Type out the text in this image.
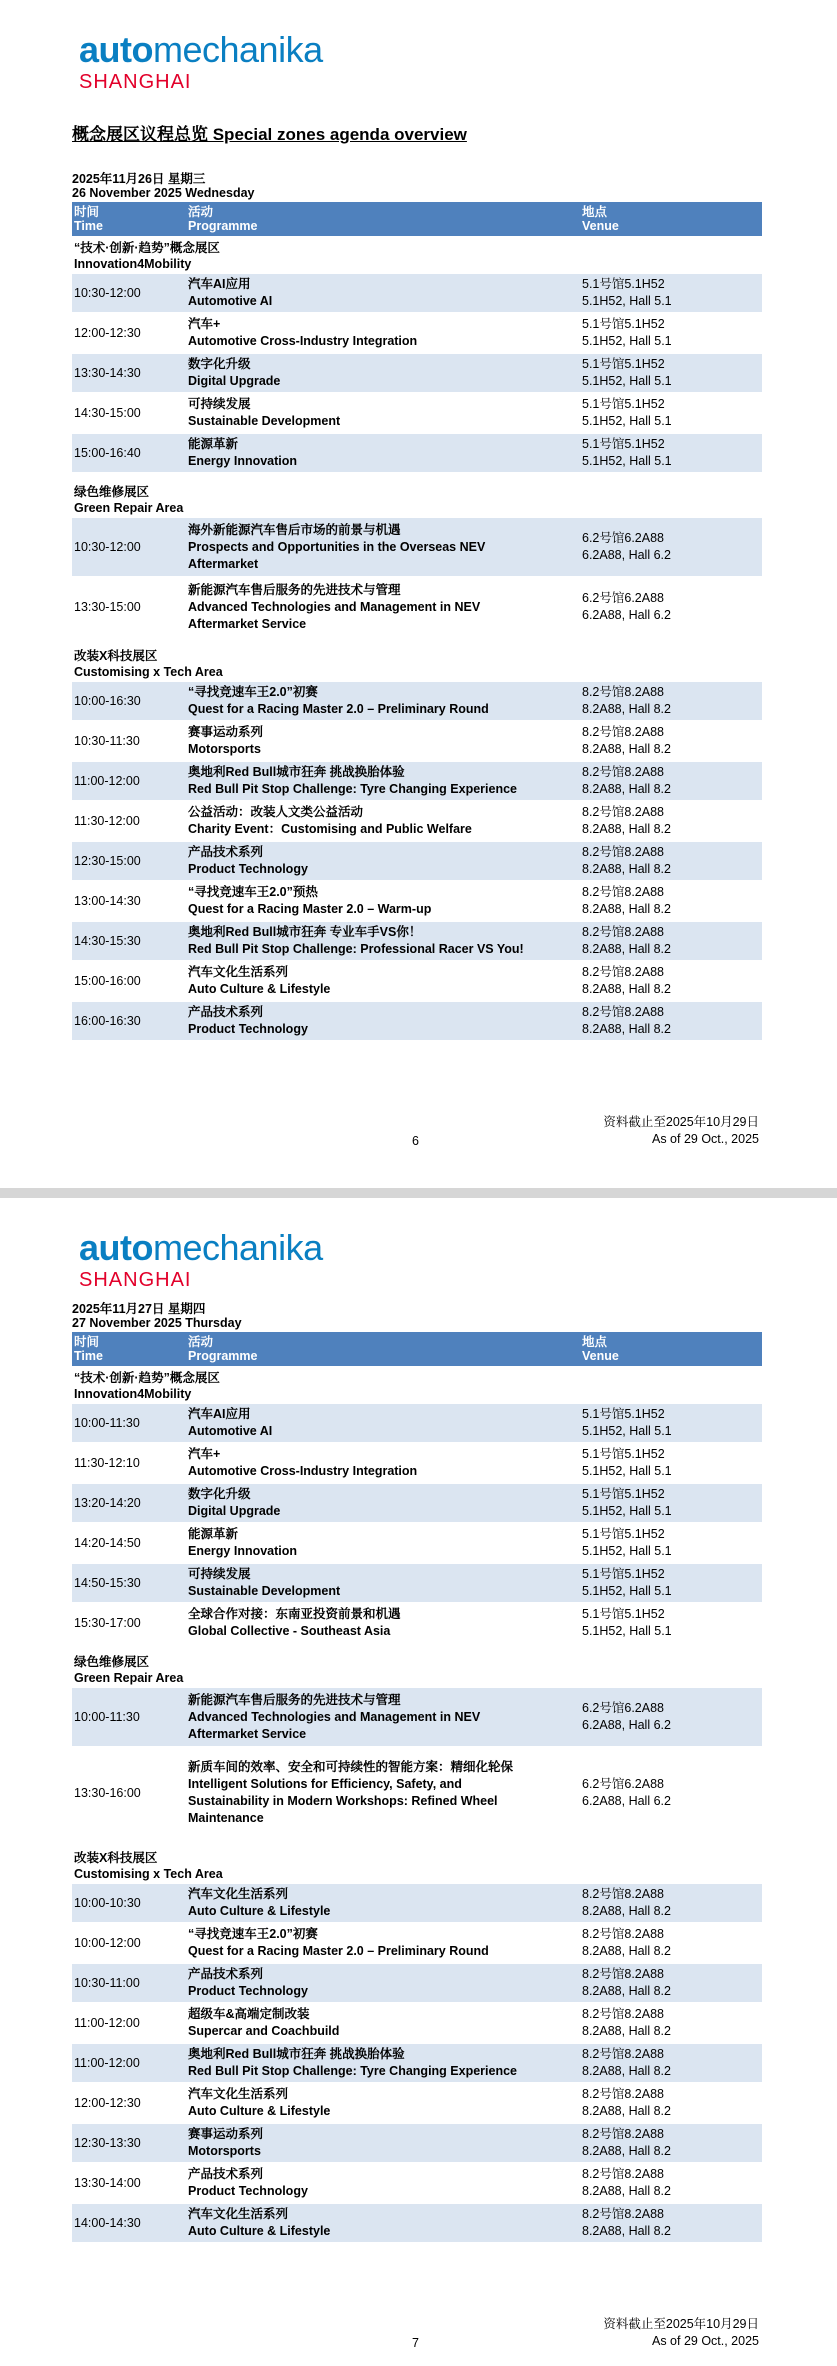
automechanika
SHANGHAI
概念展区议程总览 Special zones agenda overview
2025年11月26日 星期三
26 November 2025 Wednesday
时间
Time
活动
Programme
地点
Venue
“技术·创新·趋势”概念展区
Innovation4Mobility
10:30-12:00
汽车AI应用
Automotive AI
5.1号馆5.1H52
5.1H52, Hall 5.1
12:00-12:30
汽车+
Automotive Cross-Industry Integration
5.1号馆5.1H52
5.1H52, Hall 5.1
13:30-14:30
数字化升级
Digital Upgrade
5.1号馆5.1H52
5.1H52, Hall 5.1
14:30-15:00
可持续发展
Sustainable Development
5.1号馆5.1H52
5.1H52, Hall 5.1
15:00-16:40
能源革新
Energy Innovation
5.1号馆5.1H52
5.1H52, Hall 5.1
绿色维修展区
Green Repair Area
10:30-12:00
海外新能源汽车售后市场的前景与机遇
Prospects and Opportunities in the Overseas NEV
Aftermarket
6.2号馆6.2A88
6.2A88, Hall 6.2
13:30-15:00
新能源汽车售后服务的先进技术与管理
Advanced Technologies and Management in NEV
Aftermarket Service
6.2号馆6.2A88
6.2A88, Hall 6.2
改装X科技展区
Customising x Tech Area
10:00-16:30
“寻找竞速车王2.0”初赛
Quest for a Racing Master 2.0 – Preliminary Round
8.2号馆8.2A88
8.2A88, Hall 8.2
10:30-11:30
赛事运动系列
Motorsports
8.2号馆8.2A88
8.2A88, Hall 8.2
11:00-12:00
奥地利Red Bull城市狂奔 挑战换胎体验
Red Bull Pit Stop Challenge: Tyre Changing Experience
8.2号馆8.2A88
8.2A88, Hall 8.2
11:30-12:00
公益活动：改装人文类公益活动
Charity Event：Customising and Public Welfare
8.2号馆8.2A88
8.2A88, Hall 8.2
12:30-15:00
产品技术系列
Product Technology
8.2号馆8.2A88
8.2A88, Hall 8.2
13:00-14:30
“寻找竞速车王2.0”预热
Quest for a Racing Master 2.0 – Warm-up
8.2号馆8.2A88
8.2A88, Hall 8.2
14:30-15:30
奥地利Red Bull城市狂奔 专业车手VS你！
Red Bull Pit Stop Challenge: Professional Racer VS You!
8.2号馆8.2A88
8.2A88, Hall 8.2
15:00-16:00
汽车文化生活系列
Auto Culture & Lifestyle
8.2号馆8.2A88
8.2A88, Hall 8.2
16:00-16:30
产品技术系列
Product Technology
8.2号馆8.2A88
8.2A88, Hall 8.2
6
资料截止至2025年10月29日
As of 29 Oct., 2025
automechanika
SHANGHAI
2025年11月27日 星期四
27 November 2025 Thursday
时间
Time
活动
Programme
地点
Venue
“技术·创新·趋势”概念展区
Innovation4Mobility
10:00-11:30
汽车AI应用
Automotive AI
5.1号馆5.1H52
5.1H52, Hall 5.1
11:30-12:10
汽车+
Automotive Cross-Industry Integration
5.1号馆5.1H52
5.1H52, Hall 5.1
13:20-14:20
数字化升级
Digital Upgrade
5.1号馆5.1H52
5.1H52, Hall 5.1
14:20-14:50
能源革新
Energy Innovation
5.1号馆5.1H52
5.1H52, Hall 5.1
14:50-15:30
可持续发展
Sustainable Development
5.1号馆5.1H52
5.1H52, Hall 5.1
15:30-17:00
全球合作对接：东南亚投资前景和机遇
Global Collective - Southeast Asia
5.1号馆5.1H52
5.1H52, Hall 5.1
绿色维修展区
Green Repair Area
10:00-11:30
新能源汽车售后服务的先进技术与管理
Advanced Technologies and Management in NEV
Aftermarket Service
6.2号馆6.2A88
6.2A88, Hall 6.2
13:30-16:00
新质车间的效率、安全和可持续性的智能方案：精细化轮保
Intelligent Solutions for Efficiency, Safety, and
Sustainability in Modern Workshops: Refined Wheel
Maintenance
6.2号馆6.2A88
6.2A88, Hall 6.2
改装X科技展区
Customising x Tech Area
10:00-10:30
汽车文化生活系列
Auto Culture & Lifestyle
8.2号馆8.2A88
8.2A88, Hall 8.2
10:00-12:00
“寻找竞速车王2.0”初赛
Quest for a Racing Master 2.0 – Preliminary Round
8.2号馆8.2A88
8.2A88, Hall 8.2
10:30-11:00
产品技术系列
Product Technology
8.2号馆8.2A88
8.2A88, Hall 8.2
11:00-12:00
超级车&高端定制改装
Supercar and Coachbuild
8.2号馆8.2A88
8.2A88, Hall 8.2
11:00-12:00
奥地利Red Bull城市狂奔 挑战换胎体验
Red Bull Pit Stop Challenge: Tyre Changing Experience
8.2号馆8.2A88
8.2A88, Hall 8.2
12:00-12:30
汽车文化生活系列
Auto Culture & Lifestyle
8.2号馆8.2A88
8.2A88, Hall 8.2
12:30-13:30
赛事运动系列
Motorsports
8.2号馆8.2A88
8.2A88, Hall 8.2
13:30-14:00
产品技术系列
Product Technology
8.2号馆8.2A88
8.2A88, Hall 8.2
14:00-14:30
汽车文化生活系列
Auto Culture & Lifestyle
8.2号馆8.2A88
8.2A88, Hall 8.2
7
资料截止至2025年10月29日
As of 29 Oct., 2025
